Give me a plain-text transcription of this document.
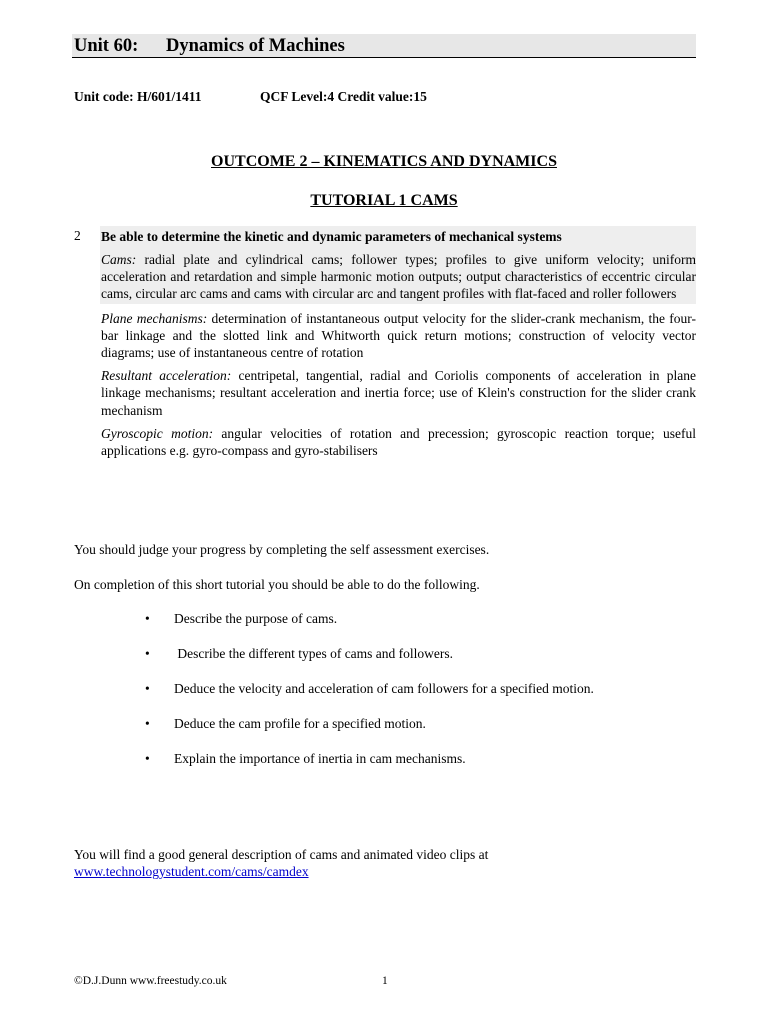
Unit 60: Dynamics of Machines
Unit code: H/601/1411	QCF Level:4 Credit value:15
OUTCOME 2 – KINEMATICS AND DYNAMICS
TUTORIAL 1 CAMS
2 Be able to determine the kinetic and dynamic parameters of mechanical systems
Cams: radial plate and cylindrical cams; follower types; profiles to give uniform velocity; uniform acceleration and retardation and simple harmonic motion outputs; output characteristics of eccentric circular cams, circular arc cams and cams with circular arc and tangent profiles with flat-faced and roller followers
Plane mechanisms: determination of instantaneous output velocity for the slider-crank mechanism, the four-bar linkage and the slotted link and Whitworth quick return motions; construction of velocity vector diagrams; use of instantaneous centre of rotation
Resultant acceleration: centripetal, tangential, radial and Coriolis components of acceleration in plane linkage mechanisms; resultant acceleration and inertia force; use of Klein's construction for the slider crank mechanism
Gyroscopic motion: angular velocities of rotation and precession; gyroscopic reaction torque; useful applications e.g. gyro-compass and gyro-stabilisers
You should judge your progress by completing the self assessment exercises.
On completion of this short tutorial you should be able to do the following.
• Describe the purpose of cams.
• Describe the different types of cams and followers.
• Deduce the velocity and acceleration of cam followers for a specified motion.
• Deduce the cam profile for a specified motion.
• Explain the importance of inertia in cam mechanisms.
You will find a good general description of cams and animated video clips at
www.technologystudent.com/cams/camdex
©D.J.Dunn www.freestudy.co.uk	1
